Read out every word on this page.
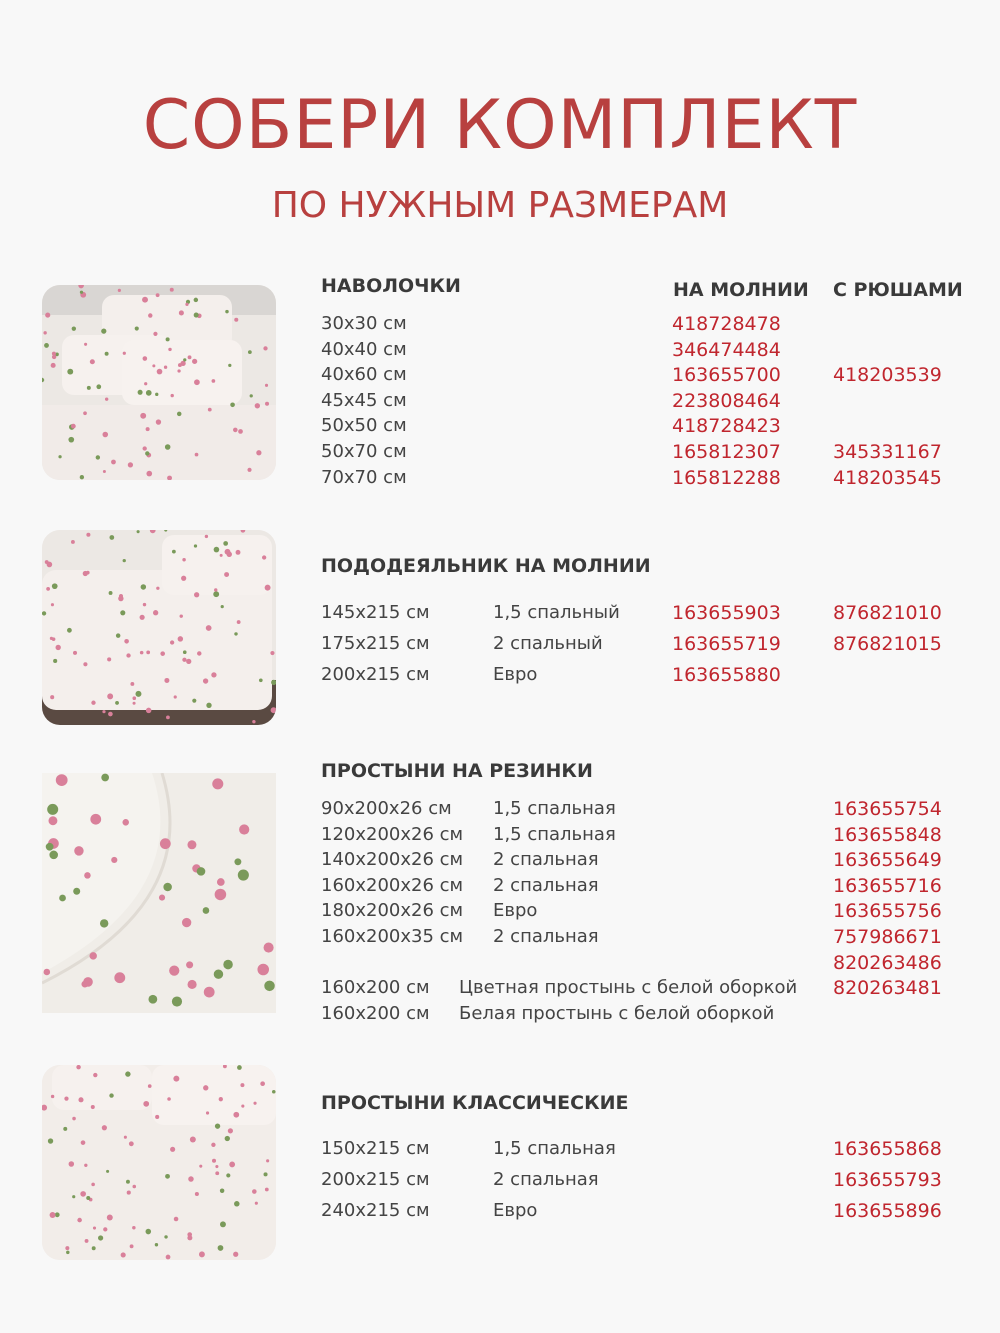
СОБЕРИ КОМПЛЕКТ
ПО НУЖНЫМ РАЗМЕРАМ
НАВОЛОЧКИ	НА МОЛНИИ С РЮШАМИ
30x30 см	418728478
40x40 см	346474484
40x60 см	163655700	418203539
45x45 см	223808464
50x50 см	418728423
50x70 см	165812307	345331167
70x70 см	165812288	418203545
ПОДОДЕЯЛЬНИК НА МОЛНИИ
145x215 см	1,5 спальный	163655903	876821010
175x215 см	2 спальный	163655719	876821015
200x215 см	Евро	163655880
ПРОСТЫНИ НА РЕЗИНКИ
90x200x26 см 1,5 спальная	163655754
120x200x26 см 1,5 спальная	163655848
140x200x26 см 2 спальная	163655649
160x200x26 см 2 спальная	163655716
180x200x26 см Евро	163655756
160x200x35 см 2 спальная	757986671
820263486
160x200 см Цветная простынь с белой оборкой 820263481
160x200 см Белая простынь с белой оборкой
ПРОСТЫНИ КЛАССИЧЕСКИЕ
150x215 см	1,5 спальная	163655868
200x215 см	2 спальная	163655793
240x215 см	Евро	163655896
